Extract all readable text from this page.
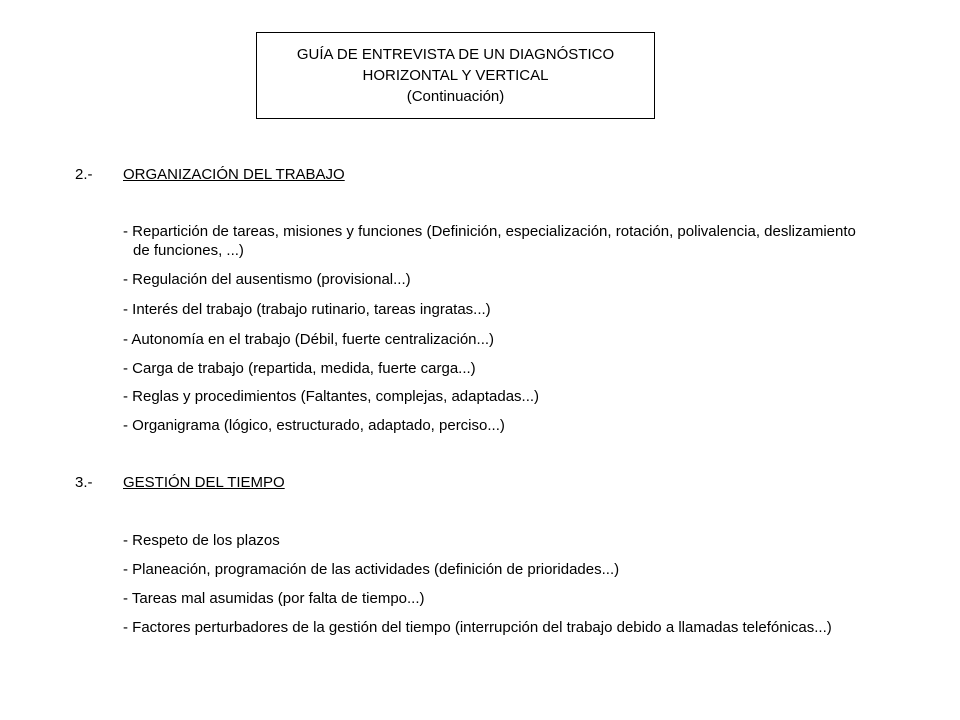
GUÍA DE ENTREVISTA DE UN DIAGNÓSTICO
HORIZONTAL Y VERTICAL
(Continuación)
2.- ORGANIZACIÓN DEL TRABAJO
- Repartición de tareas, misiones y funciones (Definición, especialización, rotación, polivalencia, deslizamiento
de funciones, ...)
- Regulación del ausentismo (provisional...)
- Interés del trabajo (trabajo rutinario, tareas ingratas...)
- Autonomía en el trabajo (Débil, fuerte centralización...)
- Carga de trabajo (repartida, medida, fuerte carga...)
- Reglas y procedimientos (Faltantes, complejas, adaptadas...)
- Organigrama (lógico, estructurado, adaptado, perciso...)
3.- GESTIÓN DEL TIEMPO
- Respeto de los plazos
- Planeación, programación de las actividades (definición de prioridades...)
- Tareas mal asumidas (por falta de tiempo...)
- Factores perturbadores de la gestión del tiempo (interrupción del trabajo debido a llamadas telefónicas...)
